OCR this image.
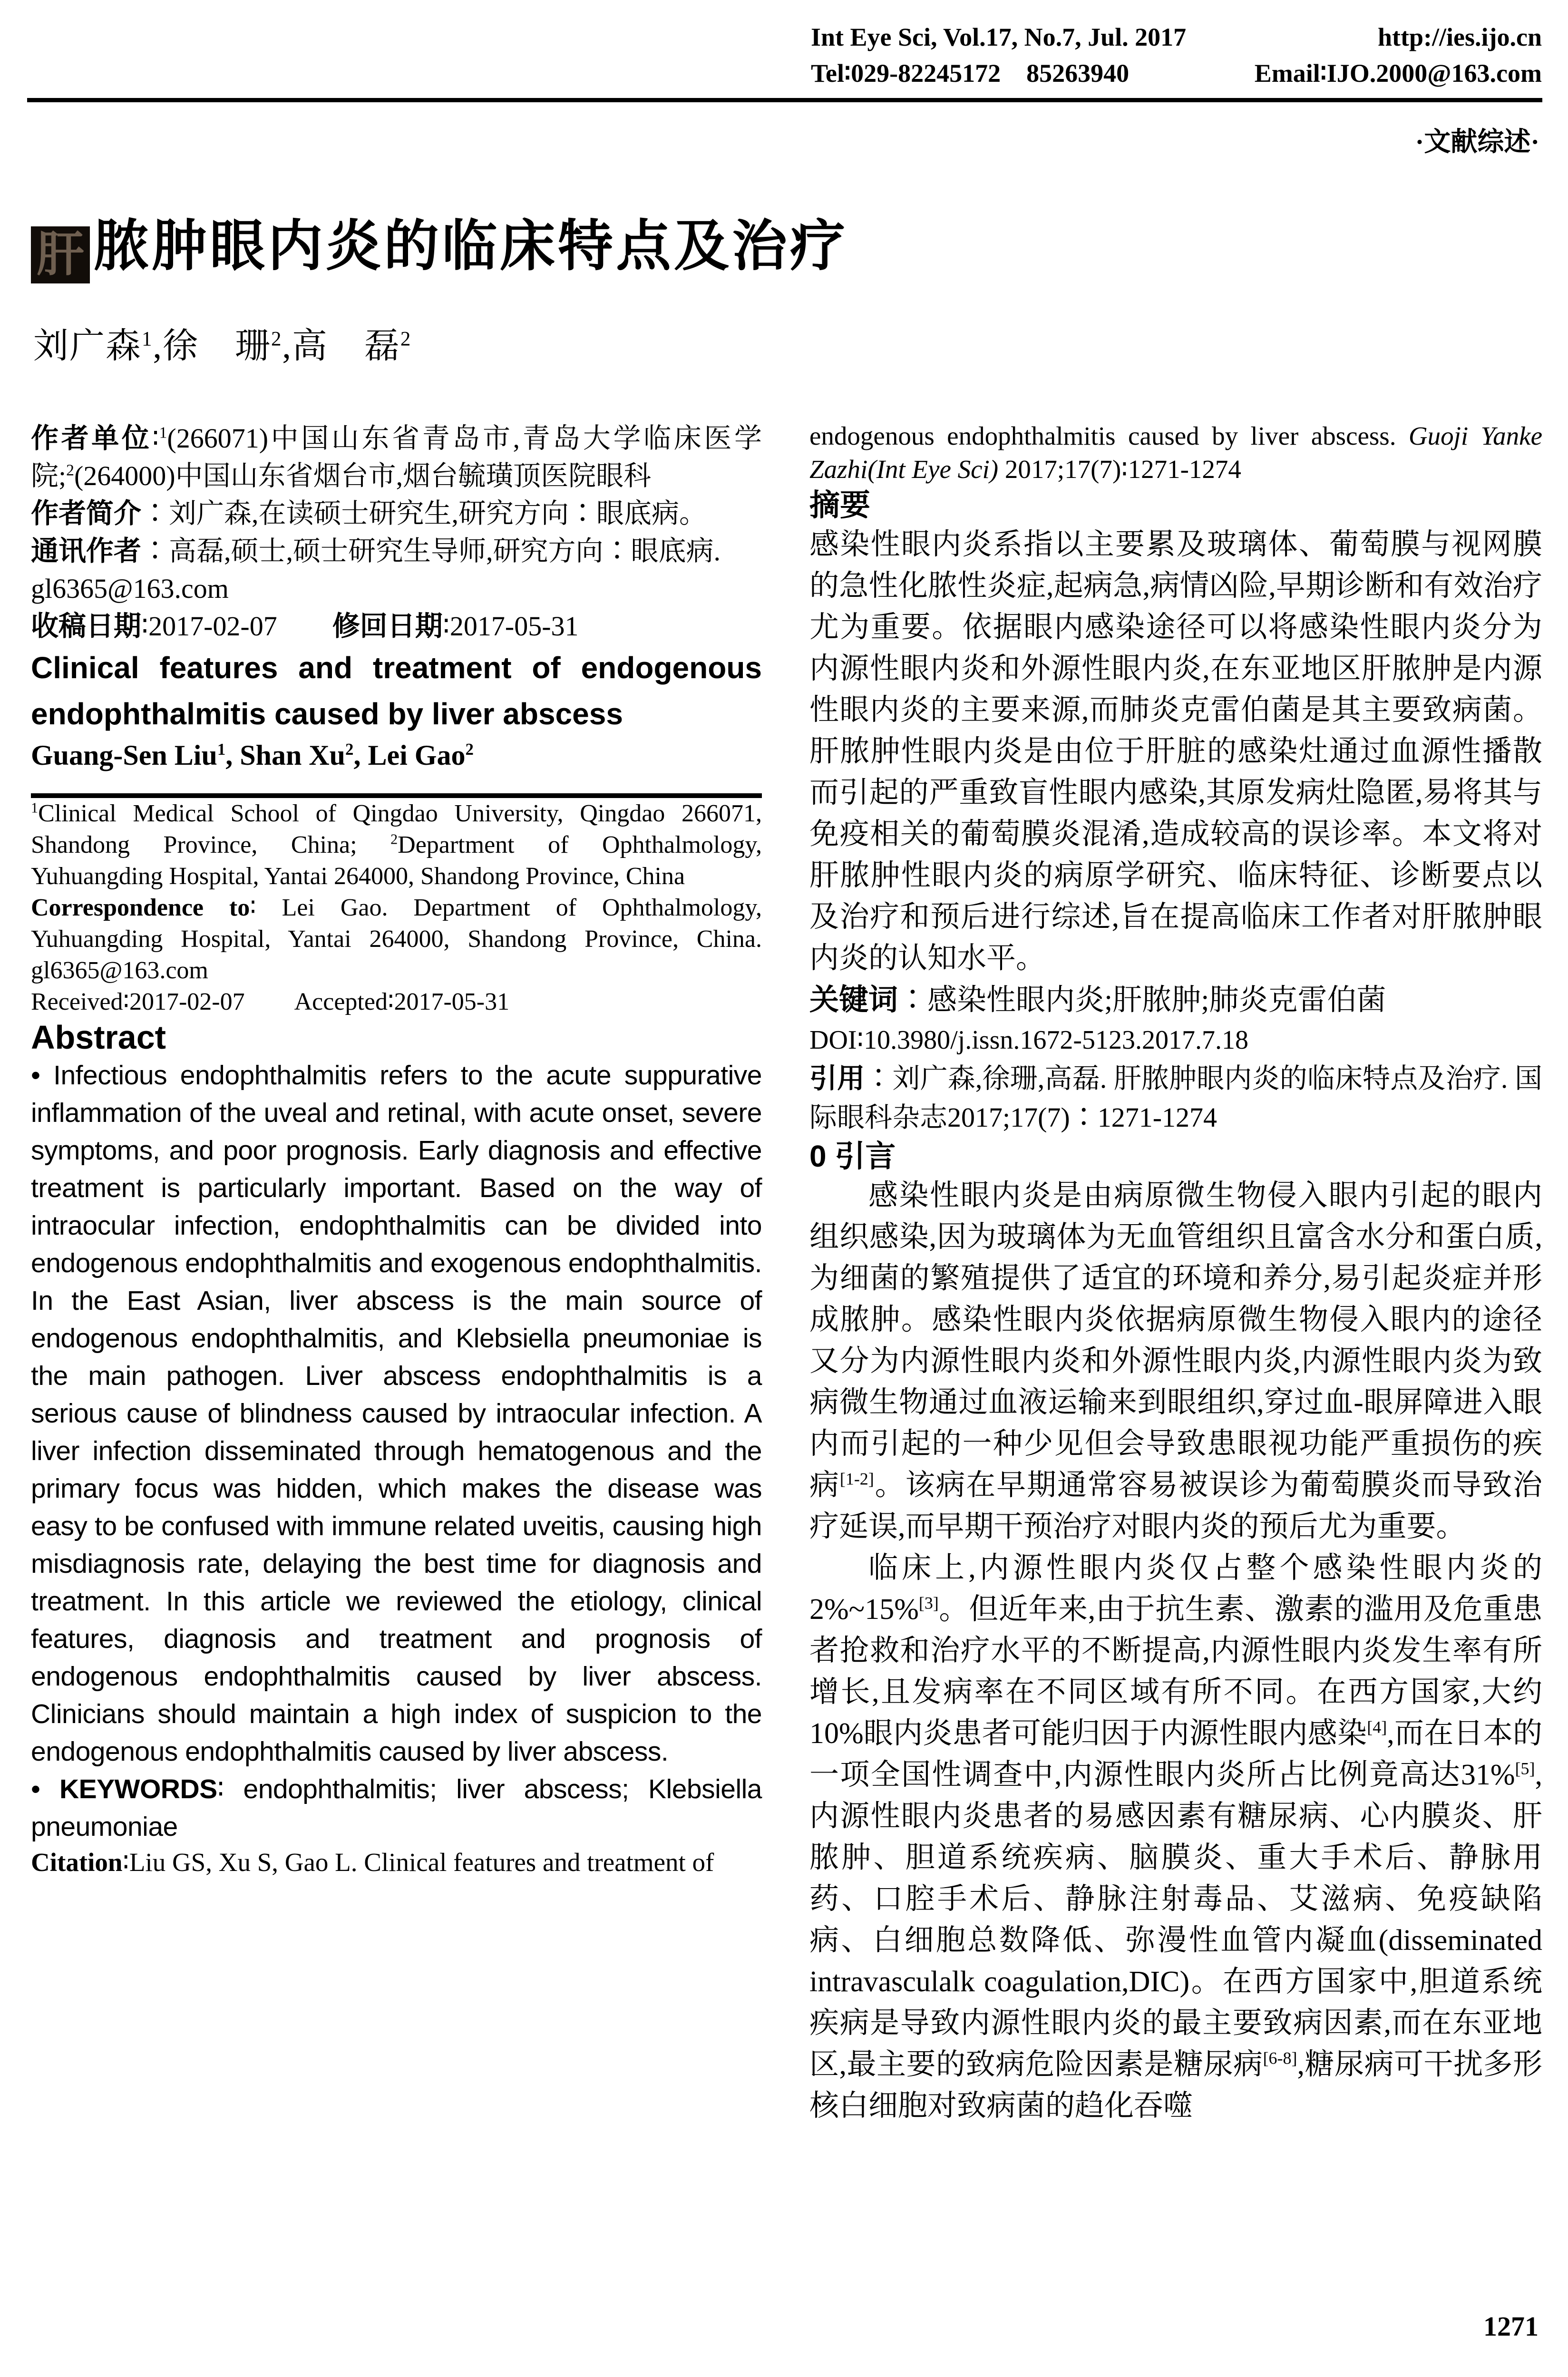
Int Eye Sci, Vol.17, No.7, Jul. 2017	http://ies.ijo.cn
Tel∶029-82245172 85263940	Email∶IJO.2000@163.com
·文献综述·
肝 脓肿眼内炎的临床特点及治疗
刘广森$^1$,徐　珊$^2$,高　磊$^2$

作者单位∶$^1$(266071)中国山东省青岛市,青岛大学临床医学院;$^2$(264000)中国山东省烟台市,烟台毓璜顶医院眼科

作者简介∶刘广森,在读硕士研究生,研究方向∶眼底病。

通讯作者∶高磊,硕士,硕士研究生导师,研究方向∶眼底病.

gl6365@163.com

收稿日期∶2017-02-07　　 修回日期∶2017-05-31

Clinical features and treatment of endogenous endophthalmitis caused by liver abscess

Guang-Sen Liu$^1$, Shan Xu$^2$, Lei Gao$^2$

$^1$Clinical Medical School of Qingdao University, Qingdao 266071, Shandong Province, China; $^2$Department of Ophthalmology, Yuhuangding Hospital, Yantai 264000, Shandong Province, China

Correspondence to∶ Lei Gao. Department of Ophthalmology, Yuhuangding Hospital, Yantai 264000, Shandong Province, China. gl6365@163.com

Received∶2017-02-07  Accepted∶2017-05-31

Abstract

• Infectious endophthalmitis refers to the acute suppurative inflammation of the uveal and retinal, with acute onset, severe symptoms, and poor prognosis. Early diagnosis and effective treatment is particularly important. Based on the way of intraocular infection, endophthalmitis can be divided into endogenous endophthalmitis and exogenous endophthalmitis. In the East Asian, liver abscess is the main source of endogenous endophthalmitis, and Klebsiella pneumoniae is the main pathogen. Liver abscess endophthalmitis is a serious cause of blindness caused by intraocular infection. A liver infection disseminated through hematogenous and the primary focus was hidden, which makes the disease was easy to be confused with immune related uveitis, causing high misdiagnosis rate, delaying the best time for diagnosis and treatment. In this article we reviewed the etiology, clinical features, diagnosis and treatment and prognosis of endogenous endophthalmitis caused by liver abscess. Clinicians should maintain a high index of suspicion to the endogenous endophthalmitis caused by liver abscess.

• KEYWORDS∶ endophthalmitis; liver abscess; Klebsiella pneumoniae

Citation∶Liu GS, Xu S, Gao L. Clinical features and treatment of

endogenous endophthalmitis caused by liver abscess. Guoji Yanke Zazhi(Int Eye Sci) 2017;17(7)∶1271-1274

摘要

感染性眼内炎系指以主要累及玻璃体、葡萄膜与视网膜的急性化脓性炎症,起病急,病情凶险,早期诊断和有效治疗尤为重要。依据眼内感染途径可以将感染性眼内炎分为内源性眼内炎和外源性眼内炎,在东亚地区肝脓肿是内源性眼内炎的主要来源,而肺炎克雷伯菌是其主要致病菌。肝脓肿性眼内炎是由位于肝脏的感染灶通过血源性播散而引起的严重致盲性眼内感染,其原发病灶隐匿,易将其与免疫相关的葡萄膜炎混淆,造成较高的误诊率。本文将对肝脓肿性眼内炎的病原学研究、临床特征、诊断要点以及治疗和预后进行综述,旨在提高临床工作者对肝脓肿眼内炎的认知水平。

关键词∶感染性眼内炎;肝脓肿;肺炎克雷伯菌

DOI∶10.3980/j.issn.1672-5123.2017.7.18

引用∶刘广森,徐珊,高磊. 肝脓肿眼内炎的临床特点及治疗. 国际眼科杂志2017;17(7)∶1271-1274

0 引言

感染性眼内炎是由病原微生物侵入眼内引起的眼内组织感染,因为玻璃体为无血管组织且富含水分和蛋白质,为细菌的繁殖提供了适宜的环境和养分,易引起炎症并形成脓肿。感染性眼内炎依据病原微生物侵入眼内的途径又分为内源性眼内炎和外源性眼内炎,内源性眼内炎为致病微生物通过血液运输来到眼组织,穿过血-眼屏障进入眼内而引起的一种少见但会导致患眼视功能严重损伤的疾病[1-2]。该病在早期通常容易被误诊为葡萄膜炎而导致治疗延误,而早期干预治疗对眼内炎的预后尤为重要。

临床上,内源性眼内炎仅占整个感染性眼内炎的2%~15%[3]。但近年来,由于抗生素、激素的滥用及危重患者抢救和治疗水平的不断提高,内源性眼内炎发生率有所增长,且发病率在不同区域有所不同。在西方国家,大约10%眼内炎患者可能归因于内源性眼内感染[4],而在日本的一项全国性调查中,内源性眼内炎所占比例竟高达31%[5],内源性眼内炎患者的易感因素有糖尿病、心内膜炎、肝脓肿、胆道系统疾病、脑膜炎、重大手术后、静脉用药、口腔手术后、静脉注射毒品、艾滋病、免疫缺陷病、白细胞总数降低、弥漫性血管内凝血(disseminated intravasculalk coagulation,DIC)。在西方国家中,胆道系统疾病是导致内源性眼内炎的最主要致病因素,而在东亚地区,最主要的致病危险因素是糖尿病[6-8],糖尿病可干扰多形核白细胞对致病菌的趋化吞噬

1271
